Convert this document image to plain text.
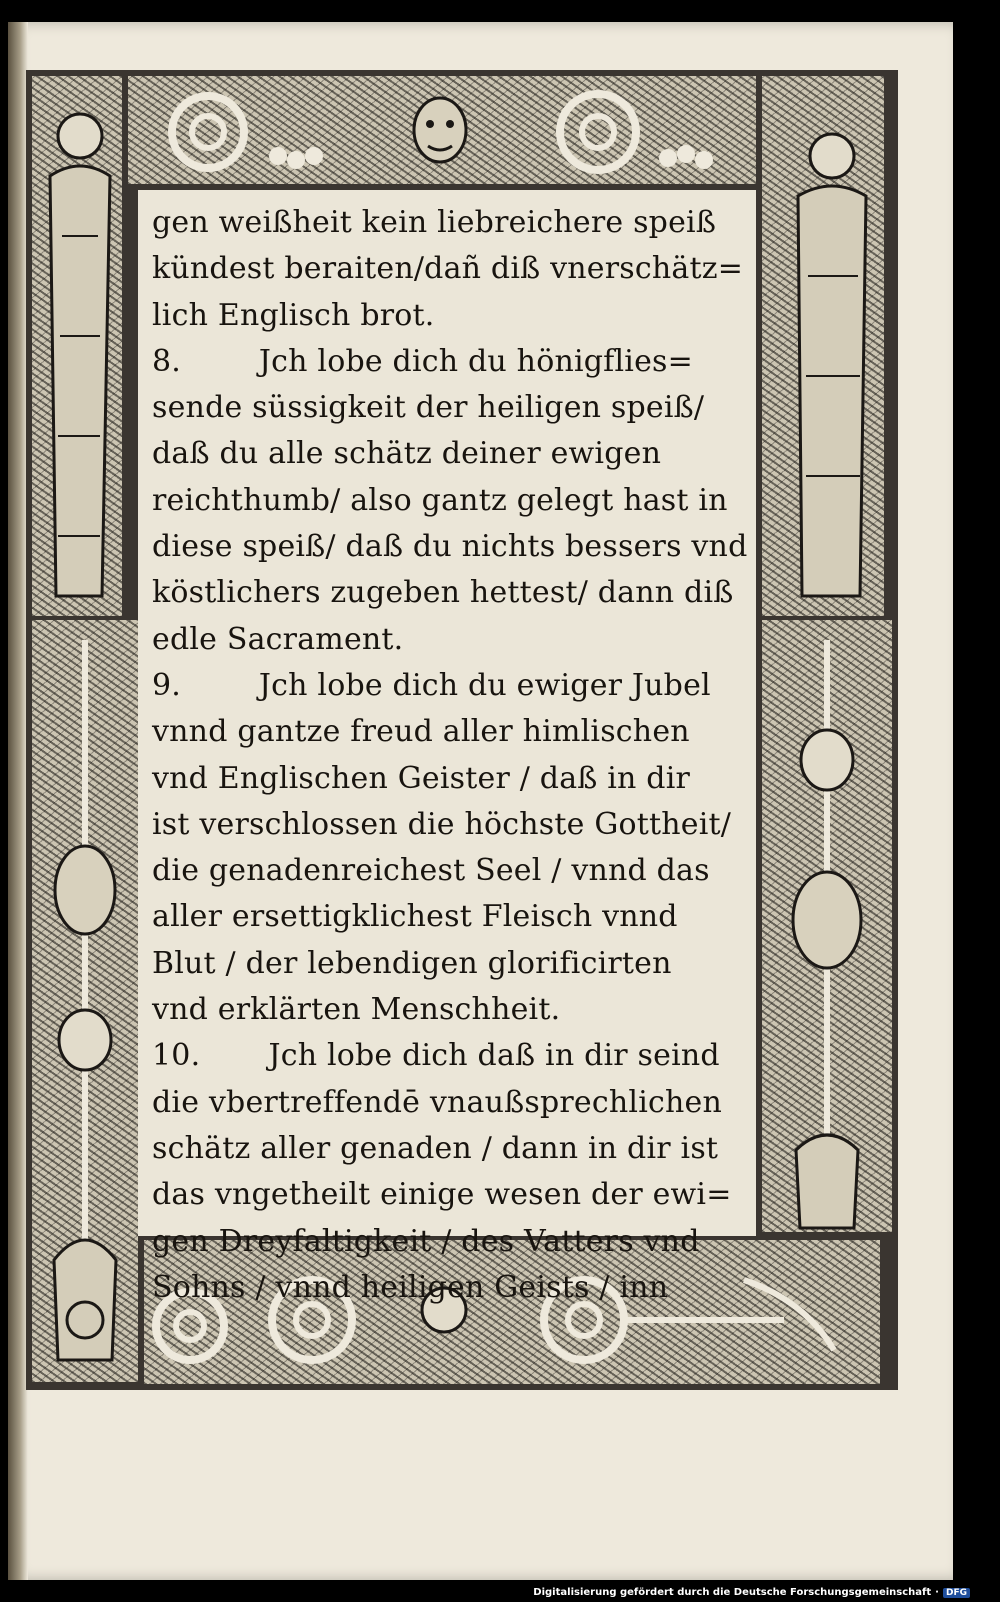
gen weißheit kein liebreichere speiß
kündest beraiten/dañ diß vnerschätz=
lich Englisch brot.
8.        Jch lobe dich du hönigflies=
sende süssigkeit der heiligen speiß/
daß du alle schätz deiner ewigen
reichthumb/ also gantz gelegt hast in
diese speiß/ daß du nichts bessers vnd
köstlichers zugeben hettest/ dann diß
edle Sacrament.
9.        Jch lobe dich du ewiger Jubel
vnnd gantze freud aller himlischen
vnd Englischen Geister / daß in dir
ist verschlossen die höchste Gottheit/
die genadenreichest Seel / vnnd das
aller ersettigklichest Fleisch vnnd
Blut / der lebendigen glorificirten
vnd erklärten Menschheit.
10.       Jch lobe dich daß in dir seind
die vbertreffendē vnaußsprechlichen
schätz aller genaden / dann in dir ist
das vngetheilt einige wesen der ewi=
gen Dreyfaltigkeit / des Vatters vnd
Sohns / vnnd heiligen Geists / inn

Digitalisierung gefördert durch die Deutsche Forschungsgemeinschaft · DFG
